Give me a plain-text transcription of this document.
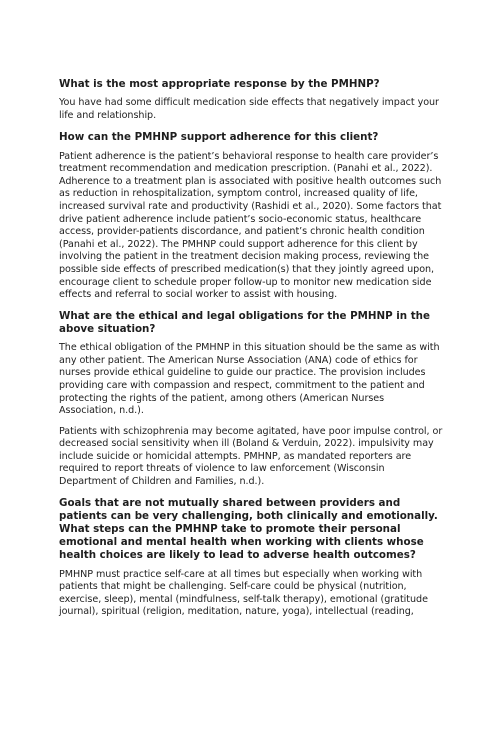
What is the most appropriate response by the PMHNP?
You have had some difficult medication side effects that negatively impact your life and relationship.
How can the PMHNP support adherence for this client?
Patient adherence is the patient’s behavioral response to health care provider’s treatment recommendation and medication prescription. (Panahi et al., 2022). Adherence to a treatment plan is associated with positive health outcomes such as reduction in rehospitalization, symptom control, increased quality of life, increased survival rate and productivity (Rashidi et al., 2020). Some factors that drive patient adherence include patient’s socio-economic status, healthcare access, provider-patients discordance, and patient’s chronic health condition (Panahi et al., 2022). The PMHNP could support adherence for this client by involving the patient in the treatment decision making process, reviewing the possible side effects of prescribed medication(s) that they jointly agreed upon, encourage client to schedule proper follow-up to monitor new medication side effects and referral to social worker to assist with housing.
What are the ethical and legal obligations for the PMHNP in the above situation?
The ethical obligation of the PMHNP in this situation should be the same as with any other patient. The American Nurse Association (ANA) code of ethics for nurses provide ethical guideline to guide our practice. The provision includes providing care with compassion and respect, commitment to the patient and protecting the rights of the patient, among others (American Nurses Association, n.d.).
Patients with schizophrenia may become agitated, have poor impulse control, or decreased social sensitivity when ill (Boland & Verduin, 2022). impulsivity may include suicide or homicidal attempts. PMHNP, as mandated reporters are required to report threats of violence to law enforcement (Wisconsin Department of Children and Families, n.d.).
Goals that are not mutually shared between providers and patients can be very challenging, both clinically and emotionally. What steps can the PMHNP take to promote their personal emotional and mental health when working with clients whose health choices are likely to lead to adverse health outcomes?
PMHNP must practice self-care at all times but especially when working with patients that might be challenging. Self-care could be physical (nutrition, exercise, sleep), mental (mindfulness, self-talk therapy), emotional (gratitude journal), spiritual (religion, meditation, nature, yoga), intellectual (reading,
